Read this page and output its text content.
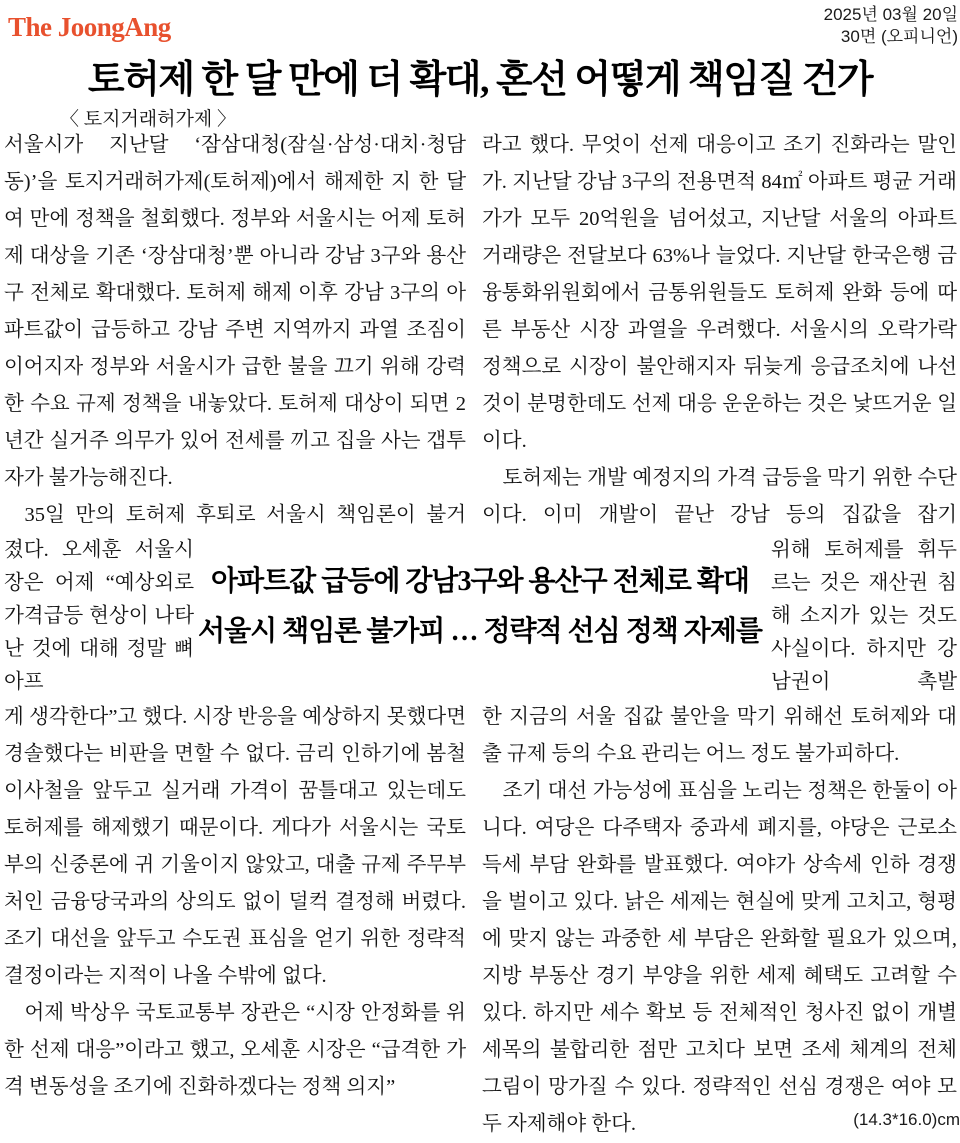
The JoongAng	2025년 03월 20일
30면 (오피니언)
토허제 한 달 만에 더 확대, 혼선 어떻게 책임질 건가
〈 토지거래허가제 〉
서울시가 지난달 ‘잠삼대청(잠실·삼성·대치·청담동)’을 토지거래허가제(토허제)에서 해제한 지 한 달여 만에 정책을 철회했다. 정부와 서울시는 어제 토허제 대상을 기존 ‘장삼대청’뿐 아니라 강남 3구와 용산구 전체로 확대했다. 토허제 해제 이후 강남 3구의 아파트값이 급등하고 강남 주변 지역까지 과열 조짐이 이어지자 정부와 서울시가 급한 불을 끄기 위해 강력한 수요 규제 정책을 내놓았다. 토허제 대상이 되면 2년간 실거주 의무가 있어 전세를 끼고 집을 사는 갭투자가 불가능해진다.
35일 만의 토허제 후퇴로 서울시 책임론이 불거
졌다. 오세훈 서울시장은 어제 “예상외로 가격급등 현상이 나타난 것에 대해 정말 뼈아프
게 생각한다”고 했다. 시장 반응을 예상하지 못했다면 경솔했다는 비판을 면할 수 없다. 금리 인하기에 봄철 이사철을 앞두고 실거래 가격이 꿈틀대고 있는데도 토허제를 해제했기 때문이다. 게다가 서울시는 국토부의 신중론에 귀 기울이지 않았고, 대출 규제 주무부처인 금융당국과의 상의도 없이 덜컥 결정해 버렸다. 조기 대선을 앞두고 수도권 표심을 얻기 위한 정략적 결정이라는 지적이 나올 수밖에 없다.
어제 박상우 국토교통부 장관은 “시장 안정화를 위한 선제 대응”이라고 했고, 오세훈 시장은 “급격한 가격 변동성을 조기에 진화하겠다는 정책 의지”
라고 했다. 무엇이 선제 대응이고 조기 진화라는 말인가. 지난달 강남 3구의 전용면적 84㎡ 아파트 평균 거래가가 모두 20억원을 넘어섰고, 지난달 서울의 아파트 거래량은 전달보다 63%나 늘었다. 지난달 한국은행 금융통화위원회에서 금통위원들도 토허제 완화 등에 따른 부동산 시장 과열을 우려했다. 서울시의 오락가락 정책으로 시장이 불안해지자 뒤늦게 응급조치에 나선 것이 분명한데도 선제 대응 운운하는 것은 낯뜨거운 일이다.
토허제는 개발 예정지의 가격 급등을 막기 위한 수단이다. 이미 개발이 끝난 강남 등의 집값을 잡기
위해 토허제를 휘두르는 것은 재산권 침해 소지가 있는 것도 사실이다. 하지만 강남권이 촉발
한 지금의 서울 집값 불안을 막기 위해선 토허제와 대출 규제 등의 수요 관리는 어느 정도 불가피하다.
조기 대선 가능성에 표심을 노리는 정책은 한둘이 아니다. 여당은 다주택자 중과세 폐지를, 야당은 근로소득세 부담 완화를 발표했다. 여야가 상속세 인하 경쟁을 벌이고 있다. 낡은 세제는 현실에 맞게 고치고, 형평에 맞지 않는 과중한 세 부담은 완화할 필요가 있으며, 지방 부동산 경기 부양을 위한 세제 혜택도 고려할 수 있다. 하지만 세수 확보 등 전체적인 청사진 없이 개별 세목의 불합리한 점만 고치다 보면 조세 체계의 전체 그림이 망가질 수 있다. 정략적인 선심 경쟁은 여야 모두 자제해야 한다.
아파트값 급등에 강남3구와 용산구 전체로 확대
서울시 책임론 불가피 … 정략적 선심 정책 자제를
(14.3*16.0)cm
